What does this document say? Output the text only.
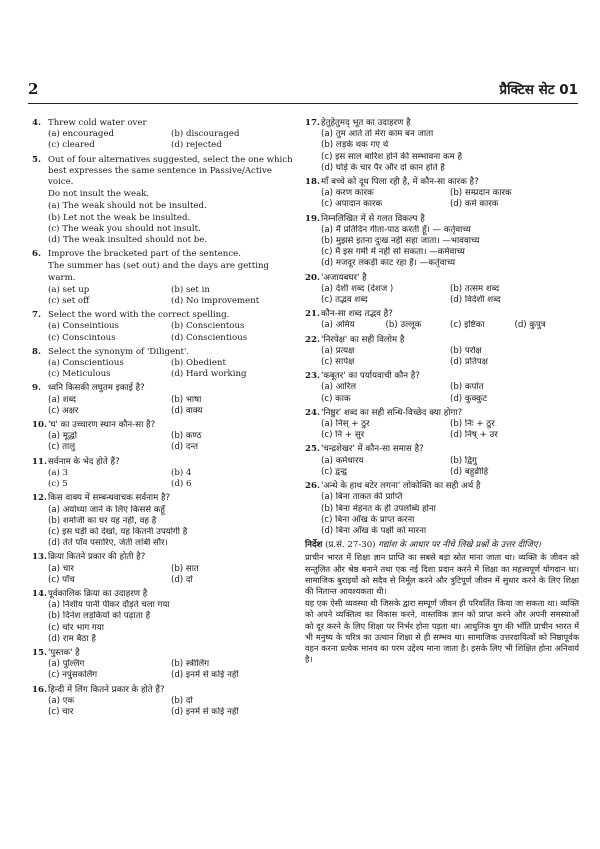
2	प्रैक्टिस सेट 01
4. Threw cold water over
(a) encouraged	(b) discouraged
(c) cleared	(d) rejected
5. Out of four alternatives suggested, select the one which best expresses the same sentence in Passive/Active voice.
Do not insult the weak.
(a) The weak should not be insulted.
(b) Let not the weak be insulted.
(c) The weak you should not insult.
(d) The weak insulted should not be.
6. Improve the bracketed part of the sentence.
The summer has (set out) and the days are getting warm.
(a) set up	(b) set in
(c) set off	(d) No improvement
7. Select the word with the correct spelling.
(a) Conseintious	(b) Conscientous
(c) Conscintous	(d) Conscientious
8. Select the synonym of 'Diligent'.
(a) Conscientious	(b) Obedient
(c) Meticulous	(d) Hard working
9. ध्वनि किसकी लघुतम इकाई है?
(a) शब्द	(b) भाषा
(c) अक्षर	(d) वाक्य
10. 'घ' का उच्चारण स्थान कौन-सा है?
(a) मूर्द्धा	(b) कण्ठ
(c) तालु	(d) दन्त
11. सर्वनाम के भेद होते हैं?
(a) 3	(b) 4
(c) 5	(d) 6
12. किस वाक्य में सम्बन्धवाचक सर्वनाम है?
(a) अयोध्या जाने के लिए किससे कहूँ
(b) शर्माजी का घर यह नहीं, वह है
(c) इस घड़ी को देखो, यह कितनी उपयोगी है
(d) तेते पाँव पसारिए, जेती लांबी सौर।
13. क्रिया कितने प्रकार की होती है?
(a) चार	(b) सात
(c) पाँच	(d) दो
14. पूर्वकालिक क्रिया का उदाहरण है
(a) निशीय पानी पीकर दौड़ते चला गया
(b) दिनेश लड़कियों को पढ़ाता है
(c) चोर भाग गया
(d) राम बैठा है
15. 'पुस्तक' है
(a) पुल्लिंग	(b) स्त्रीलिंग
(c) नपुंसकलिंग	(d) इनमें से कोई नहीं
16. हिन्दी में लिंग कितने प्रकार के होते हैं?
(a) एक	(b) दो
(c) चार	(d) इनमें से कोई नहीं
17. हेतुहेतुमद् भूत का उदाहरण है
(a) तुम आते तो मेरा काम बन जाता
(b) लड़के थक गए थे
(c) इस साल बारिश होने की सम्भावना कम है
(d) घोड़े के चार पैर और दो कान होते है
18. माँ बच्चे को दूध पिला रही है, में कौन-सा कारक है?
(a) करण कारक	(b) सम्प्रदान कारक
(c) अपादान कारक	(d) कर्म कारक
19. निम्नलिखित में से गलत विकल्प है
(a) मैं प्रतिदिन गीता-पाठ करती हूँ। — कर्तृवाच्य
(b) मुझसे इतना दुःख नहीं सहा जाता। —भाववाच्य
(c) मैं इस गर्मी में नहीं सो सकता। —कर्मवाच्य
(d) मजदूर लकड़ी काट रहा है। —कर्तृवाच्य
20. 'अजायबघर' है
(a) देशी शब्द (देशज )	(b) तत्सम शब्द
(c) तद्भव शब्द	(d) विदेशी शब्द
21. कौन-सा शब्द तद्भव है?
(a) अमिय	(b) उल्लूक	(c) इष्टिका	(d) कुपुत्र
22. 'निरपेक्ष' का सही विलोम है
(a) प्रत्यक्ष	(b) परोक्ष
(c) सापेक्ष	(d) प्रतिपक्ष
23. 'कबूतर' का पर्यायवाची कौन है?
(a) आरिल	(b) कपोत
(c) काक	(d) कुक्कुट
24. 'निष्ठुर' शब्द का सही सन्धि-विच्छेद क्या होगा?
(a) निस् + ठुर	(b) निः + ठुर
(c) नि + सुर	(d) निष् + उर
25. 'चन्द्रशेखर' में कौन-सा समास है?
(a) कर्मधारय	(b) द्विगु
(c) द्वन्द्व	(d) बहुव्रीहि
26. 'अन्धे के हाथ बटेर लगना' लोकोक्ति का सही अर्थ है
(a) बिना ताकत की प्राप्ति
(b) बिना मेहनत के ही उपलब्धि होना
(c) बिना आँख के प्राप्त करना
(d) बिना आँख के पक्षी को मारना
निर्देश (प्र.सं. 27-30) गद्यांश के आधार पर नीचे लिखे प्रश्नों के उत्तर दीजिए।
प्राचीन भारत में शिक्षा ज्ञान प्राप्ति का सबसे बड़ा स्रोत माना जाता था। व्यक्ति के जीवन को सन्तुलित और श्रेष्ठ बनाने तथा एक नई दिशा प्रदान करने में शिक्षा का महत्त्वपूर्ण योगदान था। सामाजिक बुराइयों को सदैव से निर्मूल करने और त्रुटिपूर्ण जीवन में सुधार करने के लिए शिक्षा की नितान्त आवश्यकता थी।
यह एक ऐसी व्यवस्था थी जिसके द्वारा सम्पूर्ण जीवन ही परिवर्तित किया जा सकता था। व्यक्ति को अपने व्यक्तित्व का विकास करने, वास्तविक ज्ञान को प्राप्त करने और अपनी समस्याओं को दूर करने के लिए शिक्षा पर निर्भर होना पड़ता था। आधुनिक युग की भाँति प्राचीन भारत में भी मनुष्य के चरित्र का उत्थान शिक्षा से ही सम्भव था। सामाजिक उत्तरदायित्वों को निष्ठापूर्वक वहन करना प्रत्येक मानव का परम उद्देश्य माना जाता है। इसके लिए भी शिक्षित होना अनिवार्य है।
